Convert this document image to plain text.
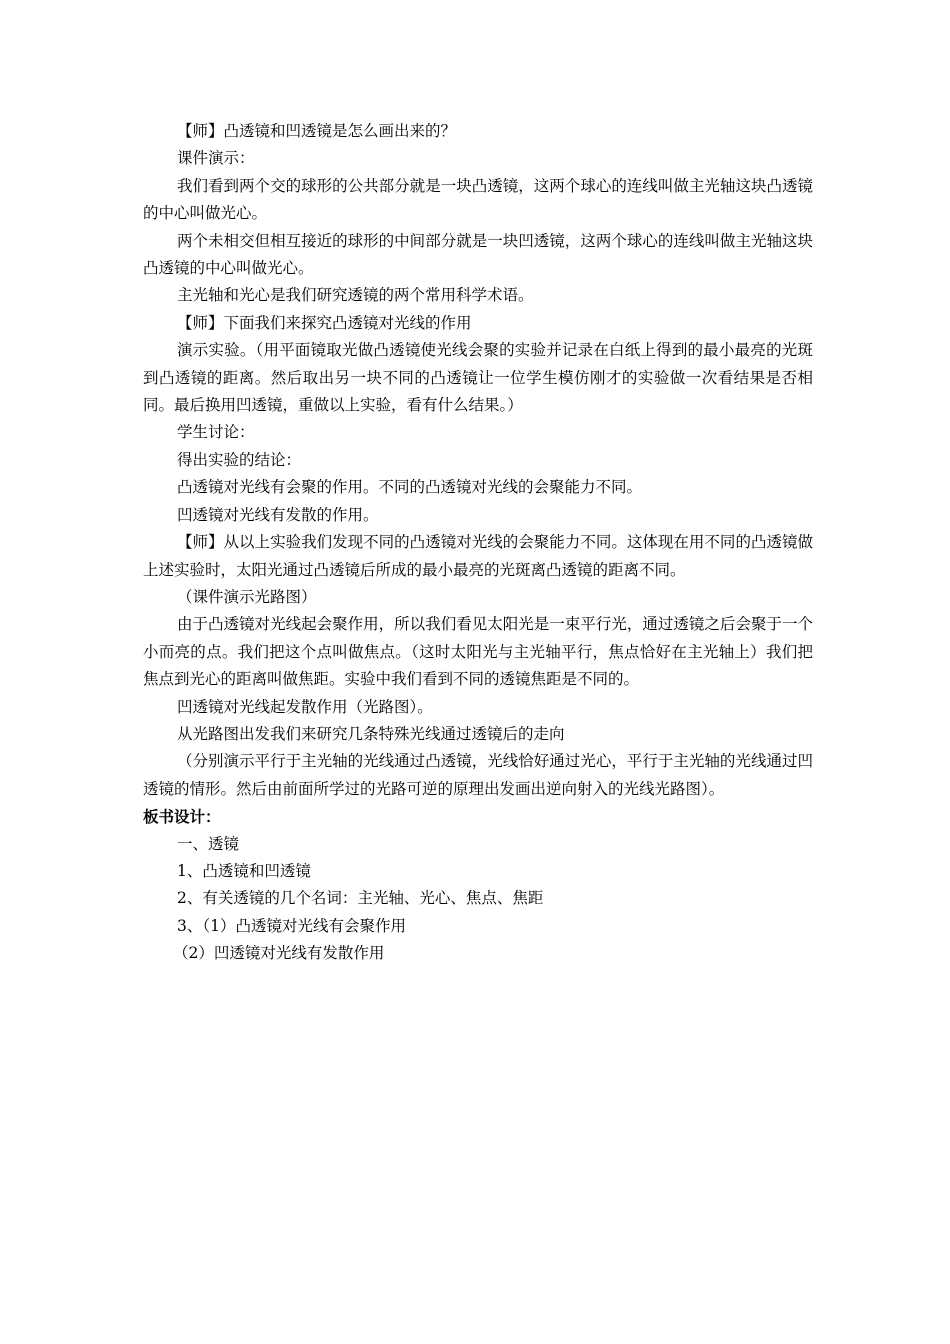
【师】凸透镜和凹透镜是怎么画出来的？

课件演示：

我们看到两个交的球形的公共部分就是一块凸透镜，这两个球心的连线叫做主光轴这块凸透镜的中心叫做光心。

两个未相交但相互接近的球形的中间部分就是一块凹透镜，这两个球心的连线叫做主光轴这块凸透镜的中心叫做光心。

主光轴和光心是我们研究透镜的两个常用科学术语。

【师】下面我们来探究凸透镜对光线的作用

演示实验。（用平面镜取光做凸透镜使光线会聚的实验并记录在白纸上得到的最小最亮的光斑到凸透镜的距离。然后取出另一块不同的凸透镜让一位学生模仿刚才的实验做一次看结果是否相同。最后换用凹透镜，重做以上实验，看有什么结果。）

学生讨论：

得出实验的结论：

凸透镜对光线有会聚的作用。不同的凸透镜对光线的会聚能力不同。

凹透镜对光线有发散的作用。

【师】从以上实验我们发现不同的凸透镜对光线的会聚能力不同。这体现在用不同的凸透镜做上述实验时，太阳光通过凸透镜后所成的最小最亮的光斑离凸透镜的距离不同。

（课件演示光路图）

由于凸透镜对光线起会聚作用，所以我们看见太阳光是一束平行光，通过透镜之后会聚于一个小而亮的点。我们把这个点叫做焦点。（这时太阳光与主光轴平行，焦点恰好在主光轴上）我们把焦点到光心的距离叫做焦距。实验中我们看到不同的透镜焦距是不同的。

凹透镜对光线起发散作用（光路图）。

从光路图出发我们来研究几条特殊光线通过透镜后的走向

（分别演示平行于主光轴的光线通过凸透镜，光线恰好通过光心，平行于主光轴的光线通过凹透镜的情形。然后由前面所学过的光路可逆的原理出发画出逆向射入的光线光路图）。

板书设计：

一、透镜

1、凸透镜和凹透镜

2、有关透镜的几个名词：主光轴、光心、焦点、焦距

3、（1）凸透镜对光线有会聚作用

（2）凹透镜对光线有发散作用
